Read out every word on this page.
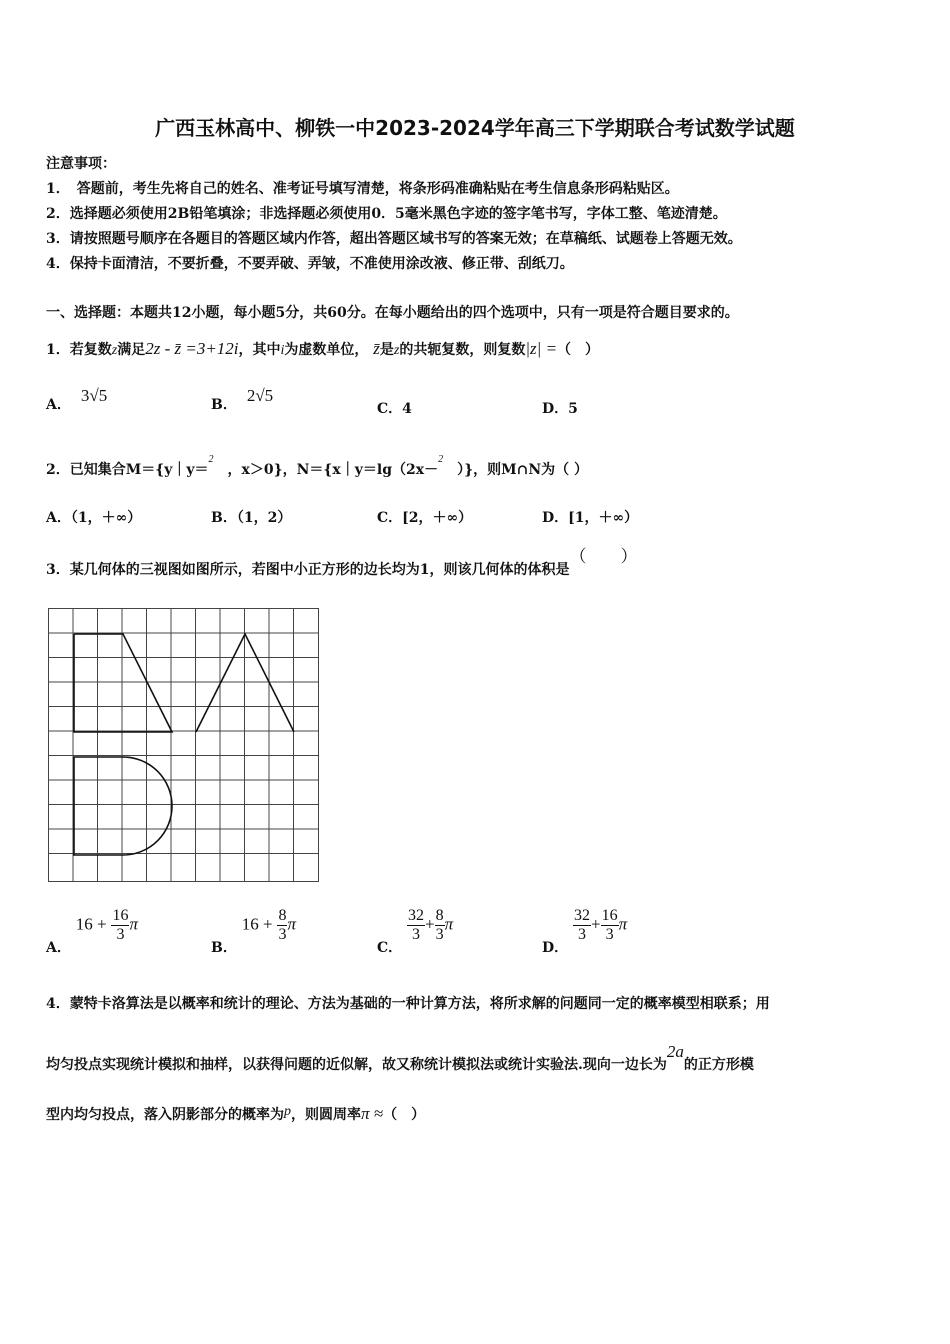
广西玉林高中、柳铁一中2023-2024学年高三下学期联合考试数学试题
注意事项：
1．　答题前，考生先将自己的姓名、准考证号填写清楚，将条形码准确粘贴在考生信息条形码粘贴区。
2．选择题必须使用2B铅笔填涂；非选择题必须使用0．5毫米黑色字迹的签字笔书写，字体工整、笔迹清楚。
3．请按照题号顺序在各题目的答题区域内作答，超出答题区域书写的答案无效；在草稿纸、试题卷上答题无效。
4．保持卡面清洁，不要折叠，不要弄破、弄皱，不准使用涂改液、修正带、刮纸刀。
一、选择题：本题共12小题，每小题5分，共60分。在每小题给出的四个选项中，只有一项是符合题目要求的。
1．若复数z满足2z - z̄ =3+12i，其中i为虚数单位， z̄是z的共轭复数，则复数|z| =（　）
A． 3√5	B． 2√5
C．4	D．5
2．已知集合M＝{y｜y＝$^2$　，x＞0}，N＝{x｜y＝lg（2x－$^2$　）}，则M∩N为（ ）
A．（1，＋∞）	B．（1，2）	C．[2，＋∞）	D．[1，＋∞）
3．某几何体的三视图如图所示，若图中小正方形的边长均为1，则该几何体的体积是（　　）
A． $16 + \frac{16}{3}$ π
B． $16 + \frac{8}{3}$ π
C．
$\frac{32}{3} + \frac{8}{3}$ π
D．
$\frac{32}{3} + \frac{16}{3}$ π
4．蒙特卡洛算法是以概率和统计的理论、方法为基础的一种计算方法，将所求解的问题同一定的概率模型相联系；用
均匀投点实现统计模拟和抽样，以获得问题的近似解，故又称统计模拟法或统计实验法.现向一边长为2a的正方形模
型内均匀投点，落入阴影部分的概率为p，则圆周率π ≈（　）
